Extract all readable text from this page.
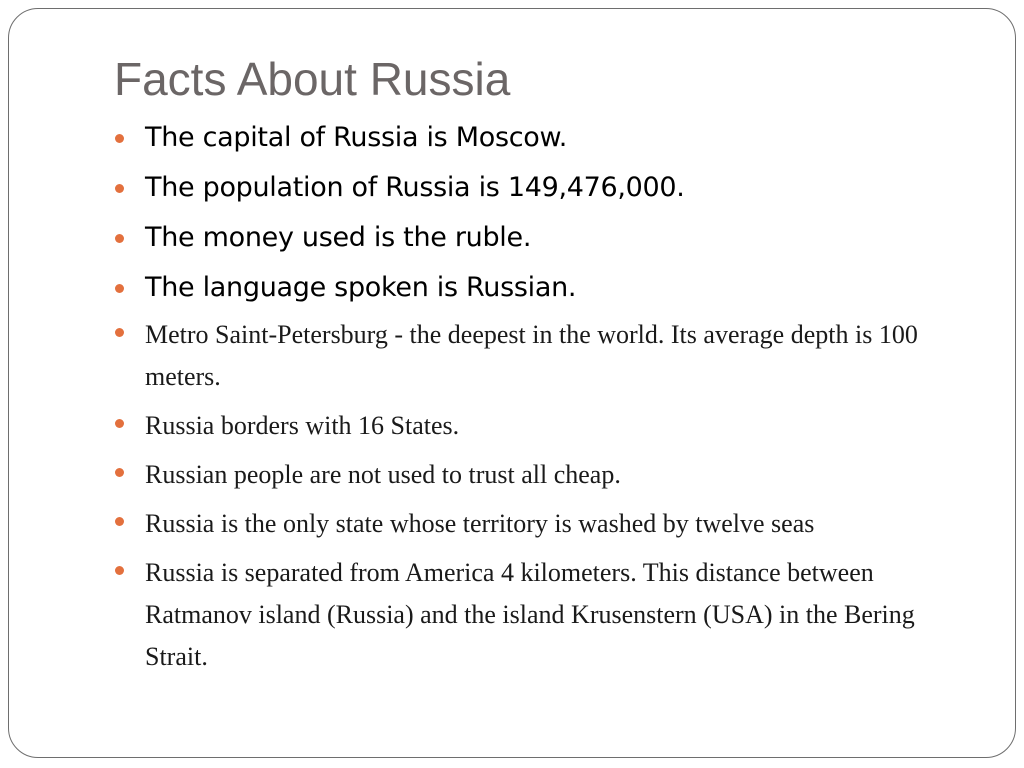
Facts About Russia
The capital of Russia is Moscow.
The population of Russia is 149,476,000.
The money used is the ruble.
The language spoken is Russian.
Metro Saint-Petersburg - the deepest in the world. Its average depth is 100 meters.
Russia borders with 16 States.
Russian people are not used to trust all cheap.
Russia is the only state whose territory is washed by twelve seas
Russia is separated from America 4 kilometers. This distance between Ratmanov island (Russia) and the island Krusenstern (USA) in the Bering Strait.
